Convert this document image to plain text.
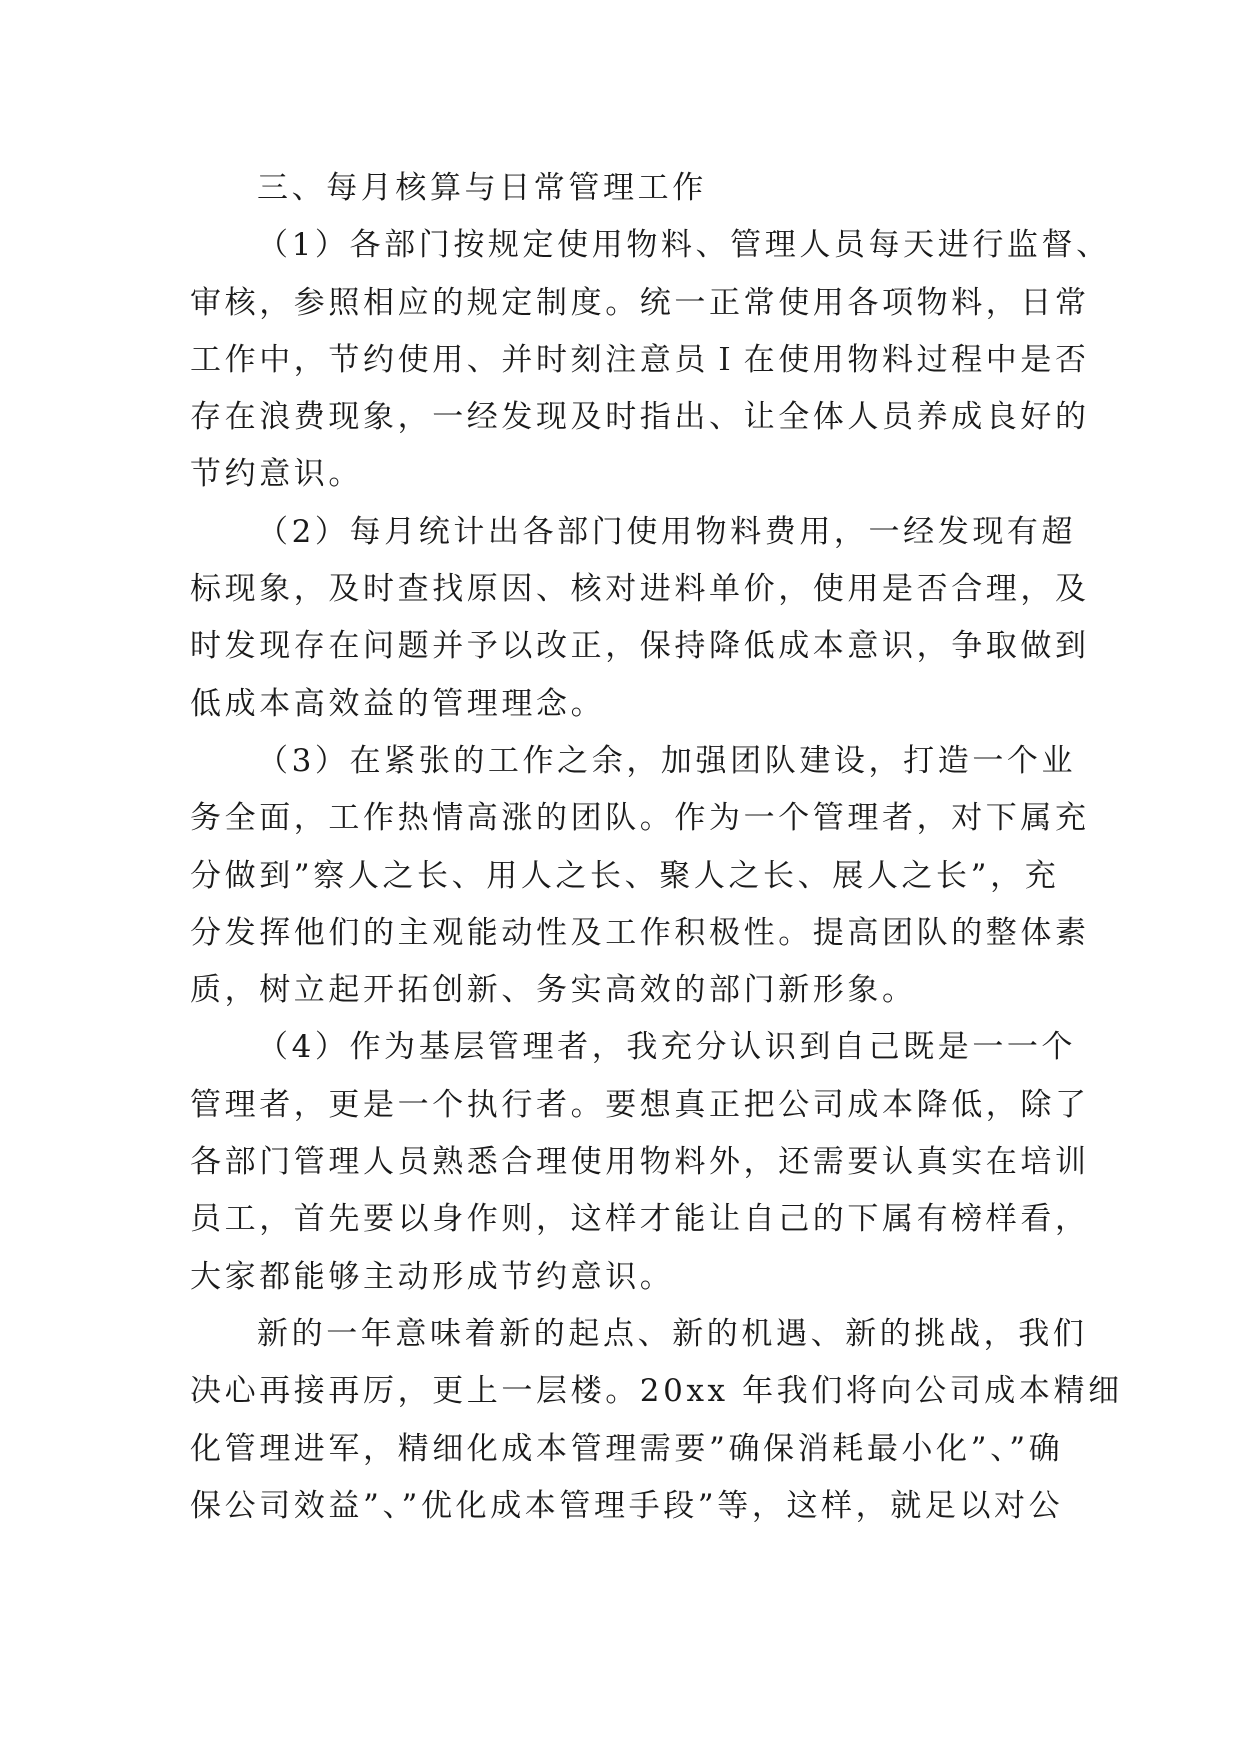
三、每月核算与日常管理工作
（1）各部门按规定使用物料、管理人员每天进行监督、
审核，参照相应的规定制度。统一正常使用各项物料，日常
工作中，节约使用、并时刻注意员Ｉ在使用物料过程中是否
存在浪费现象，一经发现及时指出、让全体人员养成良好的
节约意识。
（2）每月统计出各部门使用物料费用，一经发现有超
标现象，及时查找原因、核对进料单价，使用是否合理，及
时发现存在问题并予以改正，保持降低成本意识，争取做到
低成本高效益的管理理念。
（3）在紧张的工作之余，加强团队建设，打造一个业
务全面，工作热情高涨的团队。作为一个管理者，对下属充
分做到”察人之长、用人之长、聚人之长、展人之长”，充
分发挥他们的主观能动性及工作积极性。提高团队的整体素
质，树立起开拓创新、务实高效的部门新形象。
（4）作为基层管理者，我充分认识到自己既是一一个
管理者，更是一个执行者。要想真正把公司成本降低，除了
各部门管理人员熟悉合理使用物料外，还需要认真实在培训
员工，首先要以身作则，这样才能让自己的下属有榜样看，
大家都能够主动形成节约意识。
新的一年意味着新的起点、新的机遇、新的挑战，我们
决心再接再厉，更上一层楼。20xx 年我们将向公司成本精细
化管理进军，精细化成本管理需要”确保消耗最小化”、”确
保公司效益”、”优化成本管理手段”等，这样，就足以对公
